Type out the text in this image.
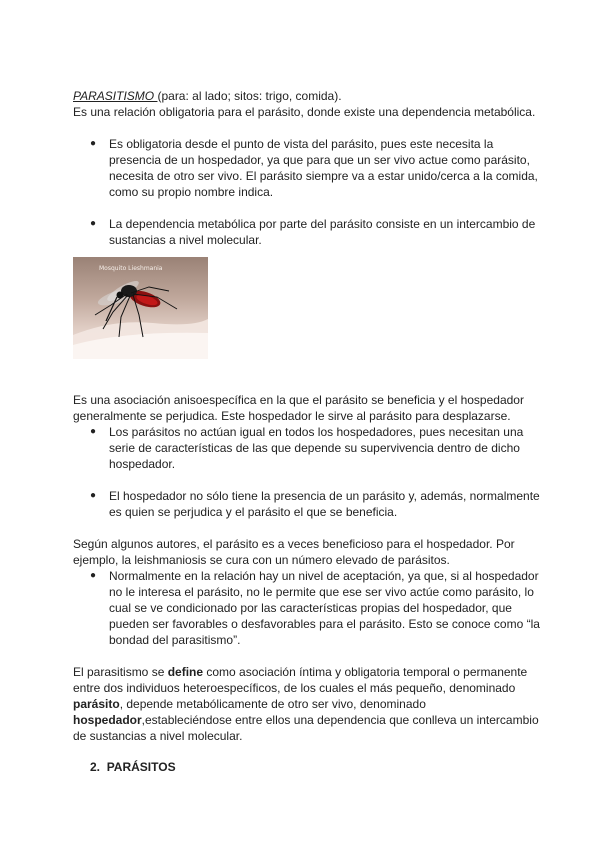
PARASITISMO (para: al lado; sitos: trigo, comida).
Es una relación obligatoria para el parásito, donde existe una dependencia metabólica.

● Es obligatoria desde el punto de vista del parásito, pues este necesita la presencia de un hospedador, ya que para que un ser vivo actue como parásito, necesita de otro ser vivo. El parásito siempre va a estar unido/cerca a la comida, como su propio nombre indica.
● La dependencia metabólica por parte del parásito consiste en un intercambio de sustancias a nivel molecular.
Mosquito Lieshmania

Es una asociación anisoespecífica en la que el parásito se beneficia y el hospedador generalmente se perjudica. Este hospedador le sirve al parásito para desplazarse.

● Los parásitos no actúan igual en todos los hospedadores, pues necesitan una serie de características de las que depende su supervivencia dentro de dicho hospedador.
● El hospedador no sólo tiene la presencia de un parásito y, además, normalmente es quien se perjudica y el parásito el que se beneficia.

Según algunos autores, el parásito es a veces beneficioso para el hospedador. Por ejemplo, la leishmaniosis se cura con un número elevado de parásitos.

● Normalmente en la relación hay un nivel de aceptación, ya que, si al hospedador no le interesa el parásito, no le permite que ese ser vivo actúe como parásito, lo cual se ve condicionado por las características propias del hospedador, que pueden ser favorables o desfavorables para el parásito. Esto se conoce como “la bondad del parasitismo”.

El parasitismo se define como asociación íntima y obligatoria temporal o permanente entre dos individuos heteroespecíficos, de los cuales el más pequeño, denominado parásito, depende metabólicamente de otro ser vivo, denominado hospedador,estableciéndose entre ellos una dependencia que conlleva un intercambio de sustancias a nivel molecular.

2. PARÁSITOS
